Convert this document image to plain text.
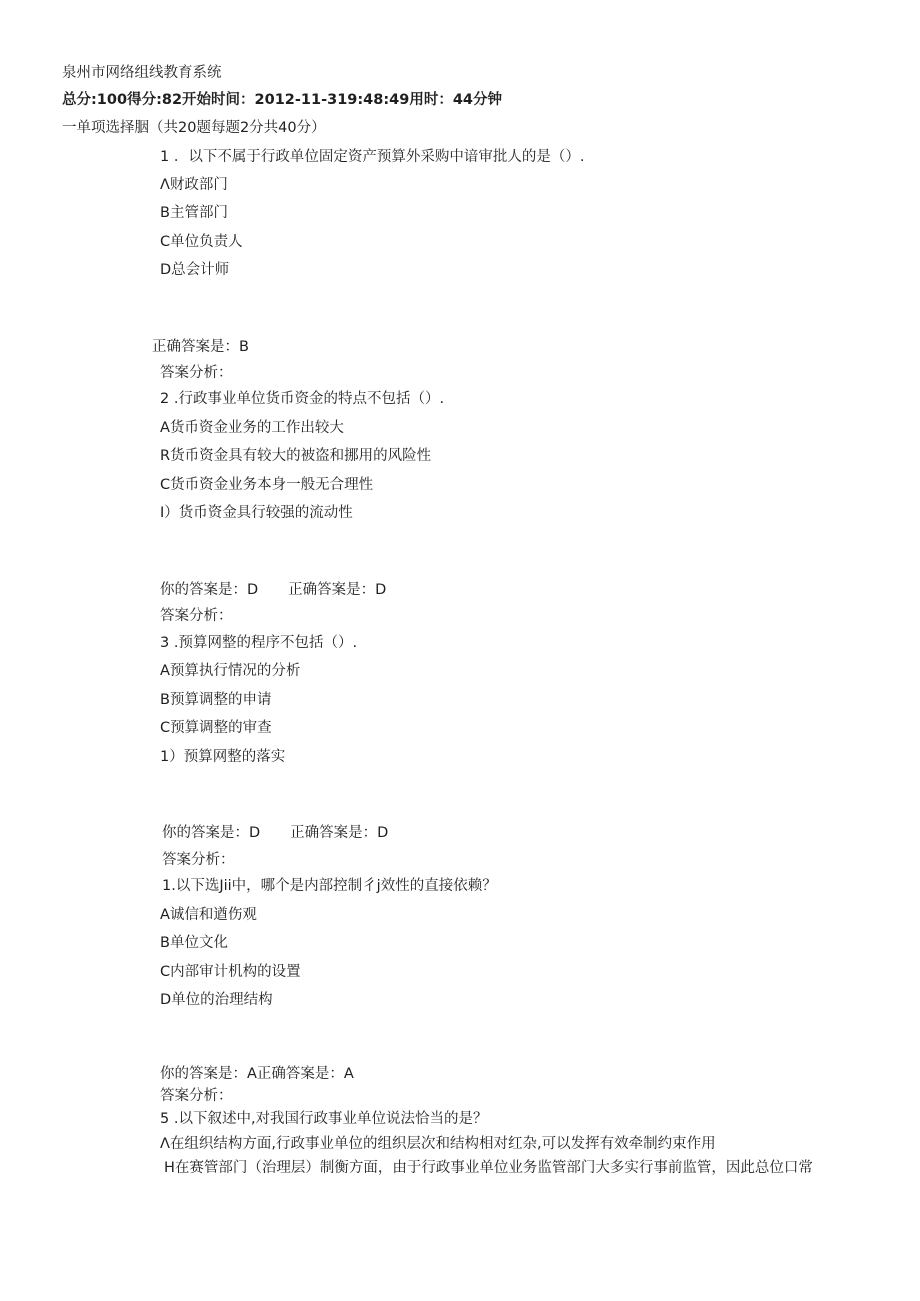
泉州市网络组线教育系统
总分:100得分:82开始时间：2012-11-319:48:49用时：44分钟
一单项选择胭（共20题每题2分共40分）
1 ．以下不属于行政单位固定资产预算外采购中谙审批人的是（）.
Λ财政部门
B主管部门
C单位负责人
D总会计师
正确答案是：B
答案分析：
2 .行政事业单位货币资金的特点不包括（）.
A货币资金业务的工作出较大
R货币资金具有较大的被盗和挪用的风险性
C货币资金业务本身一般无合理性
I）货币资金具行较强的流动性
你的答案是：D 正确答案是：D
答案分析：
3 .预算网整的程序不包括（）.
A预算执行情况的分析
B预算调整的申请
C预算调整的审查
1）预算网整的落实
你的答案是：D 正确答案是：D
答案分析：
1.以下选Jii中，哪个是内部控制彳j效性的直接依赖？
A诚信和遒伤观
B单位文化
C内部审计机构的设置
D单位的治理结构
你的答案是：A正确答案是：A
答案分析：
5 .以下叙述中,对我国行政事业单位说法恰当的是？
Λ在组织结构方面,行政事业单位的组织层次和结构相对红杂,可以发挥有效牵制约束作用
H在赛管部门（治理层）制衡方面，由于行政事业单位业务监管部门大多实行事前监管，因此总位口常
